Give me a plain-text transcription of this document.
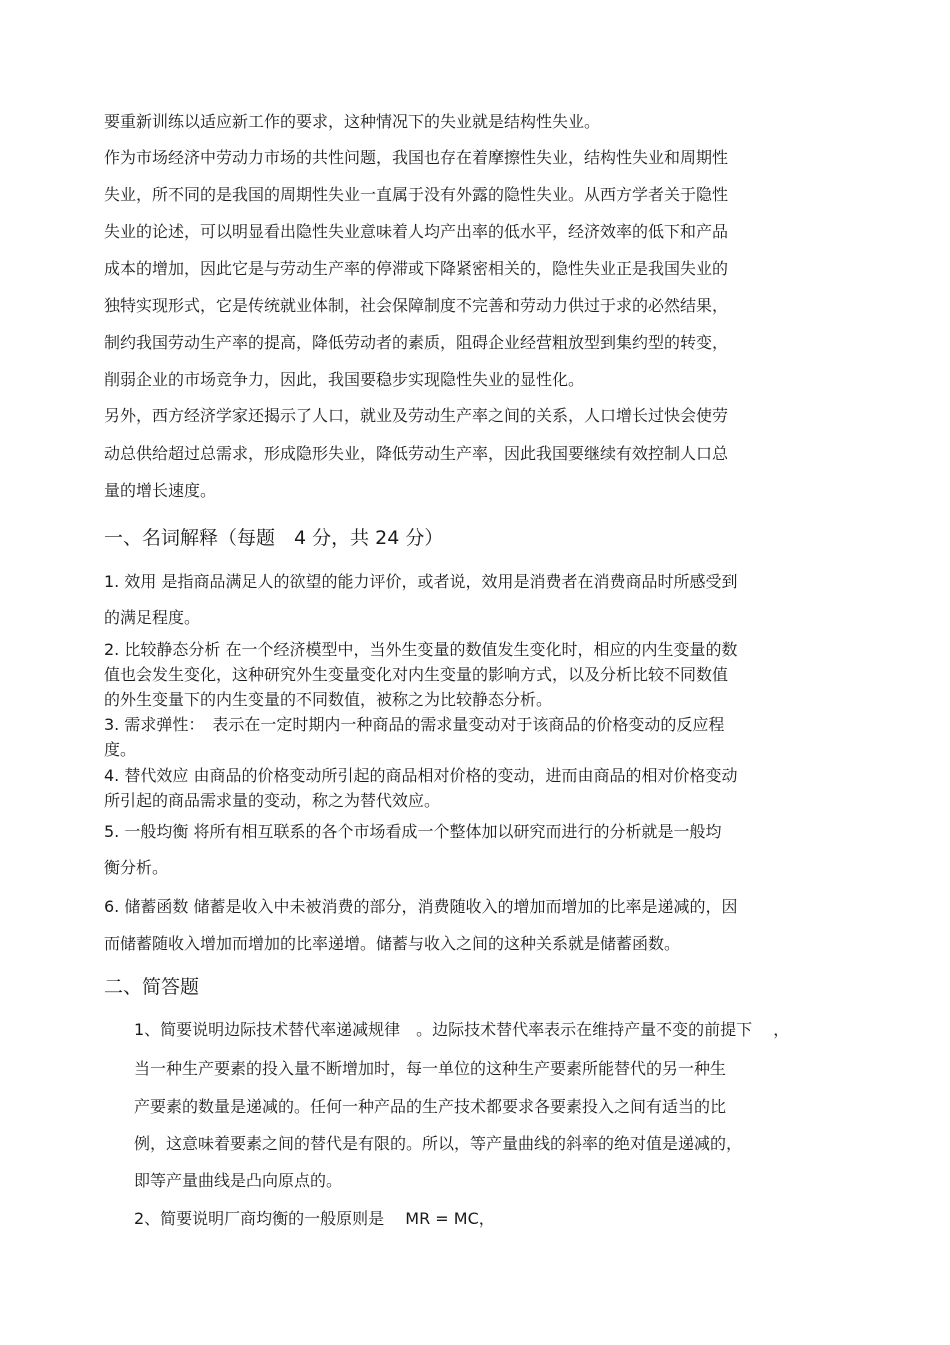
要重新训练以适应新工作的要求，这种情况下的失业就是结构性失业。
作为市场经济中劳动力市场的共性问题，我国也存在着摩擦性失业，结构性失业和周期性
失业，所不同的是我国的周期性失业一直属于没有外露的隐性失业。从西方学者关于隐性
失业的论述，可以明显看出隐性失业意味着人均产出率的低水平，经济效率的低下和产品
成本的增加，因此它是与劳动生产率的停滞或下降紧密相关的，隐性失业正是我国失业的
独特实现形式，它是传统就业体制，社会保障制度不完善和劳动力供过于求的必然结果，
制约我国劳动生产率的提高，降低劳动者的素质，阻碍企业经营粗放型到集约型的转变，
削弱企业的市场竞争力，因此，我国要稳步实现隐性失业的显性化。
另外，西方经济学家还揭示了人口，就业及劳动生产率之间的关系，人口增长过快会使劳
动总供给超过总需求，形成隐形失业，降低劳动生产率，因此我国要继续有效控制人口总
量的增长速度。
一、名词解释（每题　4 分，共 24 分）
1. 效用 是指商品满足人的欲望的能力评价，或者说，效用是消费者在消费商品时所感受到
的满足程度。
2. 比较静态分析 在一个经济模型中，当外生变量的数值发生变化时，相应的内生变量的数
值也会发生变化，这种研究外生变量变化对内生变量的影响方式，以及分析比较不同数值
的外生变量下的内生变量的不同数值，被称之为比较静态分析。
3. 需求弹性：　表示在一定时期内一种商品的需求量变动对于该商品的价格变动的反应程
度。
4. 替代效应 由商品的价格变动所引起的商品相对价格的变动，进而由商品的相对价格变动
所引起的商品需求量的变动，称之为替代效应。
5. 一般均衡 将所有相互联系的各个市场看成一个整体加以研究而进行的分析就是一般均
衡分析。
6. 储蓄函数 储蓄是收入中未被消费的部分，消费随收入的增加而增加的比率是递减的，因
而储蓄随收入增加而增加的比率递增。储蓄与收入之间的这种关系就是储蓄函数。
二、简答题
1、简要说明边际技术替代率递减规律　。边际技术替代率表示在维持产量不变的前提下　 ，
当一种生产要素的投入量不断增加时，每一单位的这种生产要素所能替代的另一种生
产要素的数量是递减的。任何一种产品的生产技术都要求各要素投入之间有适当的比
例，这意味着要素之间的替代是有限的。所以，等产量曲线的斜率的绝对值是递减的，
即等产量曲线是凸向原点的。
2、简要说明厂商均衡的一般原则是　 MR = MC，
